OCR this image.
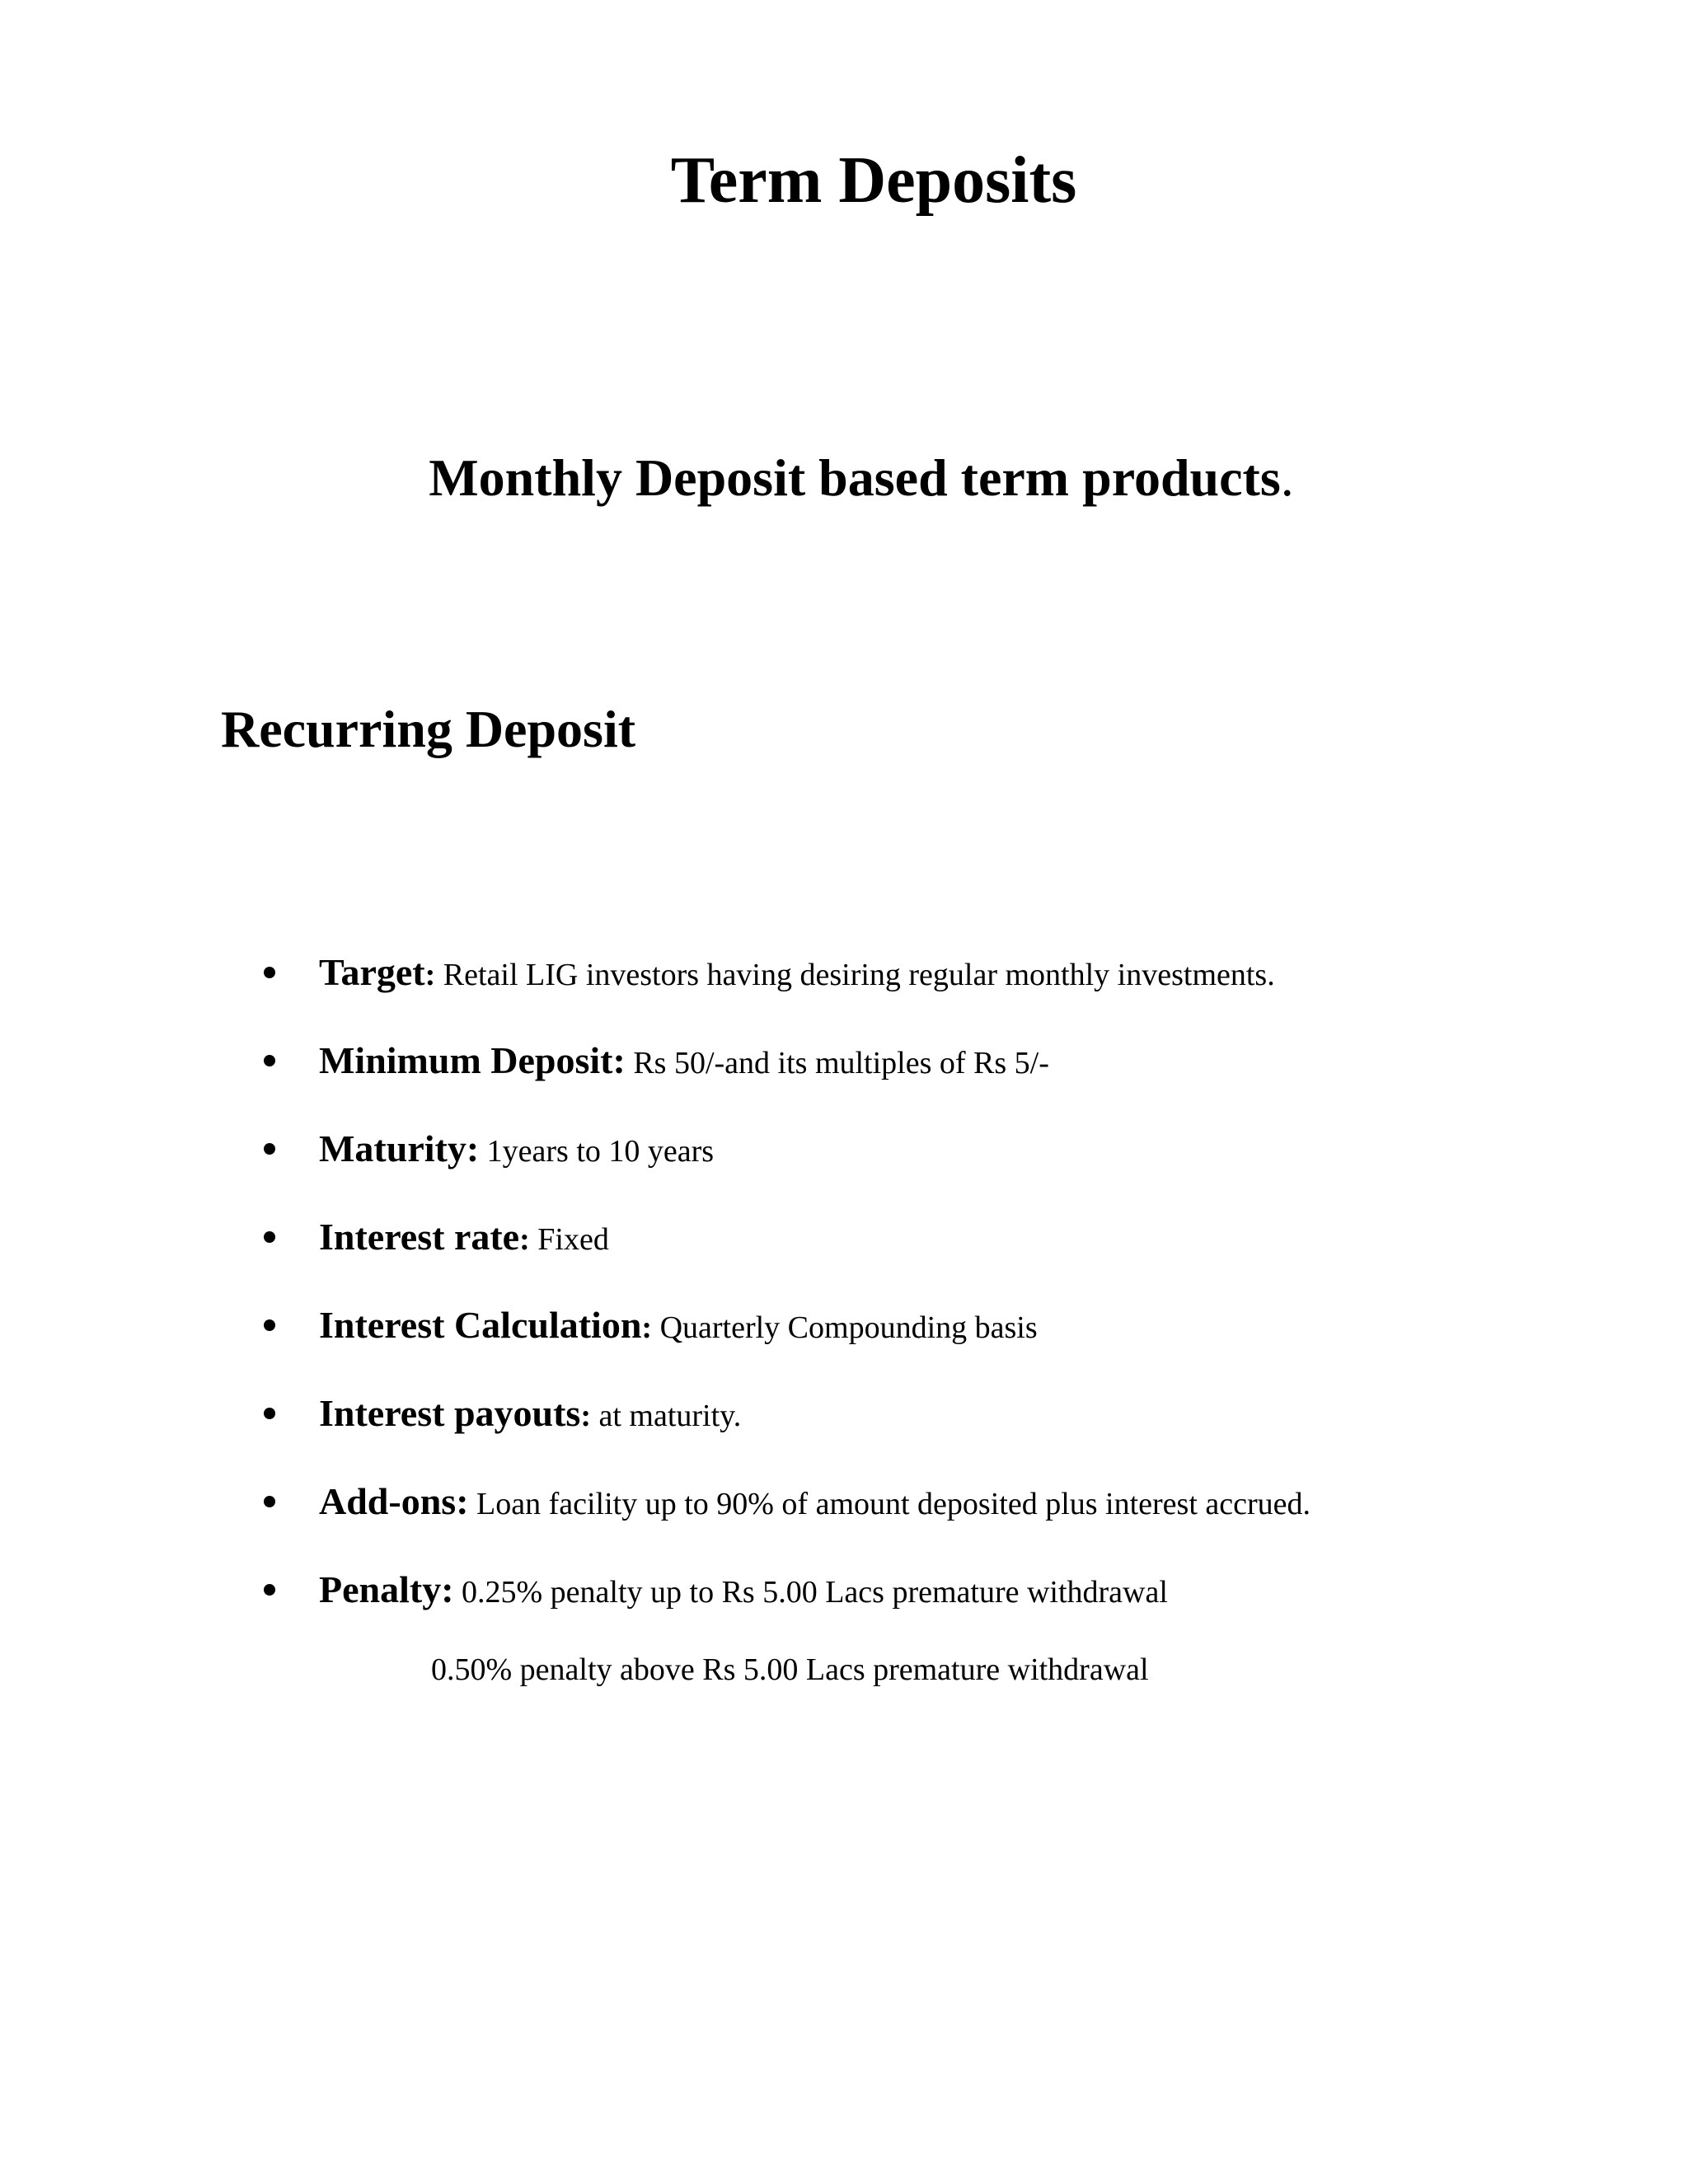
Term Deposits
Monthly Deposit based term products.
Recurring Deposit
Target: Retail LIG investors having desiring regular monthly investments.
Minimum Deposit: Rs 50/-and its multiples of Rs 5/-
Maturity: 1years to 10 years
Interest rate: Fixed
Interest Calculation: Quarterly Compounding basis
Interest payouts: at maturity.
Add-ons: Loan facility up to 90% of amount deposited plus interest accrued.
Penalty: 0.25% penalty up to Rs 5.00 Lacs premature withdrawal
0.50% penalty above Rs 5.00 Lacs premature withdrawal
